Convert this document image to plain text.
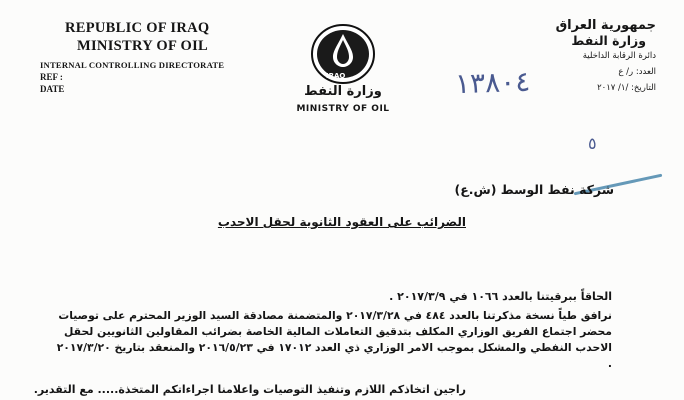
REPUBLIC OF IRAQ
MINISTRY OF OIL
INTERNAL CONTROLLING DIRECTORATE
REF :
DATE
IRAQ
وزارة النفط
MINISTRY OF OIL
جمهورية العراق
وزارة النفط
دائرة الرقابة الداخلية
العدد: ر/ ع
التاريخ: /١/ ٢٠١٧
١٣٨٠٤
٥
شركة نفط الوسط (ش.ع)
الضرائب على العقود الثانوية لحقل الاحدب
الحاقاً ببرقيتنا بالعدد ١٠٦٦ في ٢٠١٧/٣/٩ .
نرافق طياً نسخة مذكرتنا بالعدد ٤٨٤ في ٢٠١٧/٣/٢٨ والمتضمنة مصادقة السيد الوزير المحترم على توصيات محضر اجتماع الفريق الوزاري المكلف بتدقيق التعاملات المالية الخاصة بضرائب المقاولين الثانويين لحقل الاحدب النفطي والمشكل بموجب الامر الوزاري ذي العدد ١٧٠١٢ في ٢٠١٦/٥/٢٣ والمنعقد بتاريخ ٢٠١٧/٣/٢٠ .
راجين اتخاذكم اللازم وتنفيذ التوصيات واعلامنا اجراءاتكم المتخذة..... مع التقدير.
